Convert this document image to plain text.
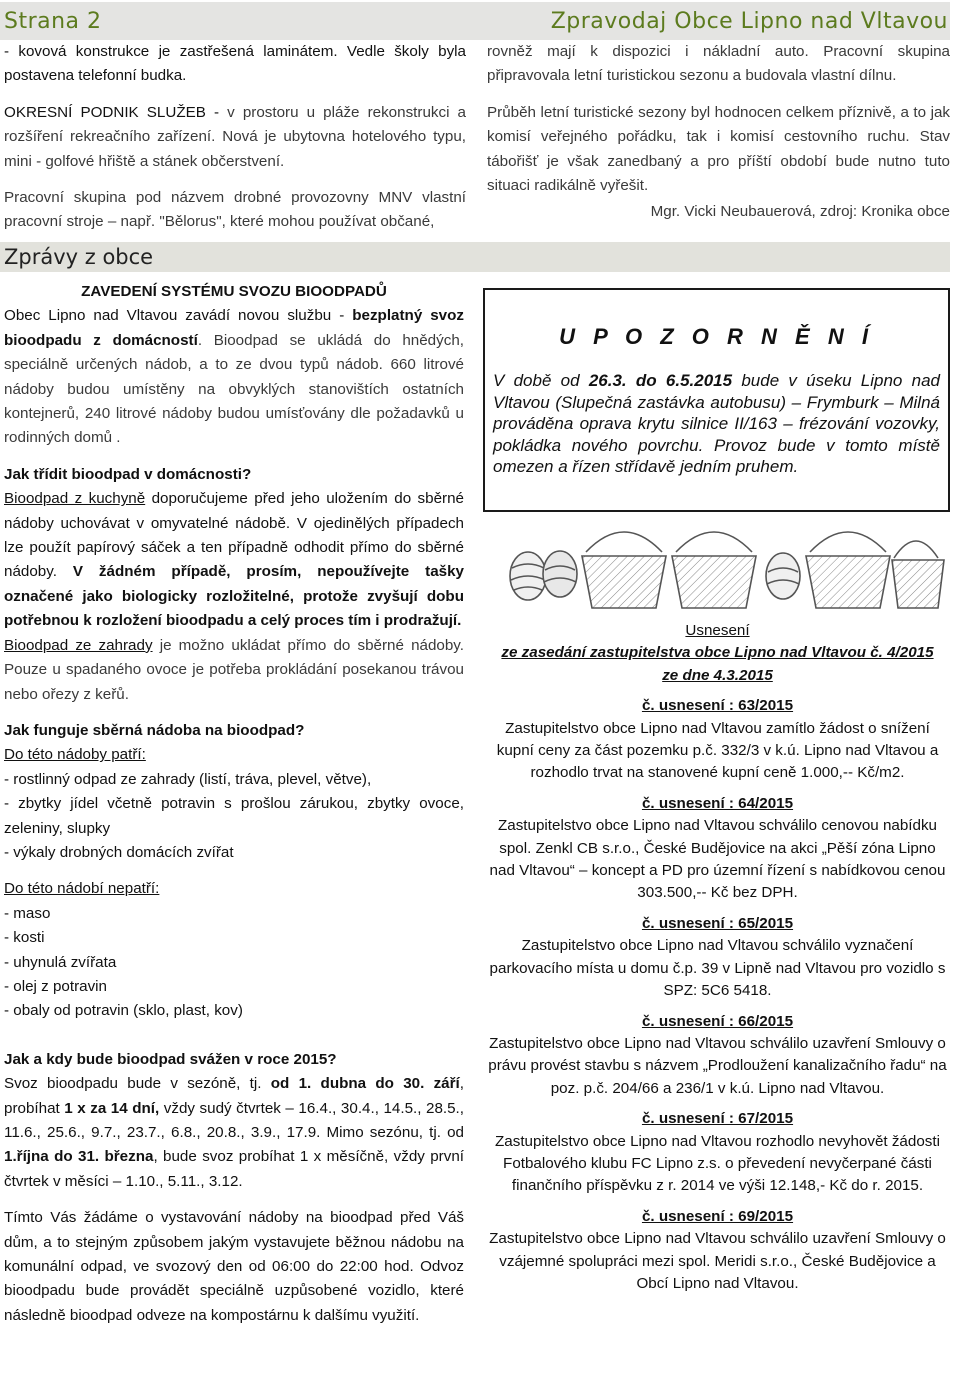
Strana 2	Zpravodaj Obce Lipno nad Vltavou

- kovová konstrukce je zastřešená laminátem. Vedle školy byla postavena telefonní budka.

OKRESNÍ PODNIK SLUŽEB - v prostoru u pláže rekonstrukci a rozšíření rekreačního zařízení. Nová je ubytovna hotelového typu, mini - golfové hřiště a stánek občerstvení.

Pracovní skupina pod názvem drobné provozovny MNV vlastní pracovní stroje – např. "Bělorus", které mohou používat občané,

rovněž mají k dispozici i nákladní auto. Pracovní skupina připravovala letní turistickou sezonu a budovala vlastní dílnu.

Průběh letní turistické sezony byl hodnocen celkem příznivě, a to jak komisí veřejného pořádku, tak i komisí cestovního ruchu. Stav tábořišť je však zanedbaný a pro příští období bude nutno tuto situaci radikálně vyřešit.

Mgr. Vicki Neubauerová, zdroj: Kronika obce

Zprávy z obce

ZAVEDENÍ SYSTÉMU SVOZU BIOODPADŮ

Obec Lipno nad Vltavou zavádí novou službu - bezplatný svoz bioodpadu z domácností. Bioodpad se ukládá do hnědých, speciálně určených nádob, a to ze dvou typů nádob. 660 litrové nádoby budou umístěny na obvyklých stanovištích ostatních kontejnerů, 240 litrové nádoby budou umísťovány dle požadavků u rodinných domů .

Jak třídit bioodpad v domácnosti?

Bioodpad z kuchyně doporučujeme před jeho uložením do sběrné nádoby uchovávat v omyvatelné nádobě. V ojedinělých případech lze použít papírový sáček a ten případně odhodit přímo do sběrné nádoby. V žádném případě, prosím, nepoužívejte tašky označené jako biologicky rozložitelné, protože zvyšují dobu potřebnou k rozložení bioodpadu a celý proces tím i prodražují.

Bioodpad ze zahrady je možno ukládat přímo do sběrné nádoby. Pouze u spadaného ovoce je potřeba prokládání posekanou trávou nebo ořezy z keřů.

Jak funguje sběrná nádoba na bioodpad?

Do této nádoby patří:

- rostlinný odpad ze zahrady (listí, tráva, plevel, větve),

- zbytky jídel včetně potravin s prošlou zárukou, zbytky ovoce, zeleniny, slupky

- výkaly drobných domácích zvířat

Do této nádobí nepatří:

- maso

- kosti

- uhynulá zvířata

- olej z potravin

- obaly od potravin (sklo, plast, kov)

Jak a kdy bude bioodpad svážen v roce 2015?

Svoz bioodpadu bude v sezóně, tj. od 1. dubna do 30. září, probíhat 1 x za 14 dní, vždy sudý čtvrtek – 16.4., 30.4., 14.5., 28.5., 11.6., 25.6., 9.7., 23.7., 6.8., 20.8., 3.9., 17.9. Mimo sezónu, tj. od 1.října do 31. března, bude svoz probíhat 1 x měsíčně, vždy první čtvrtek v měsíci – 1.10., 5.11., 3.12.

Tímto Vás žádáme o vystavování nádoby na bioodpad před Váš dům, a to stejným způsobem jakým vystavujete běžnou nádobu na komunální odpad, ve svozový den od 06:00 do 22:00 hod. Odvoz bioodpadu bude provádět speciálně uzpůsobené vozidlo, které následně bioodpad odveze na kompostárnu k dalšímu využití.

U P O Z O R N Ě N Í
V době od 26.3. do 6.5.2015 bude v úseku Lipno nad Vltavou (Slupečná zastávka autobusu) – Frymburk – Milná prováděna oprava krytu silnice II/163 – frézování vozovky, pokládka nového povrchu. Provoz bude v tomto místě omezen a řízen střídavě jedním pruhem.

Usnesení

ze zasedání zastupitelstva obce Lipno nad Vltavou č. 4/2015

ze dne 4.3.2015

č. usnesení : 63/2015

Zastupitelstvo obce Lipno nad Vltavou zamítlo žádost o snížení kupní ceny za část pozemku p.č. 332/3 v k.ú. Lipno nad Vltavou a rozhodlo trvat na stanovené kupní ceně 1.000,-- Kč/m2.

č. usnesení : 64/2015

Zastupitelstvo obce Lipno nad Vltavou schválilo cenovou nabídku spol. Zenkl CB s.r.o., České Budějovice na akci „Pěší zóna Lipno nad Vltavou“ – koncept a PD pro územní řízení s nabídkovou cenou 303.500,-- Kč bez DPH.

č. usnesení : 65/2015

Zastupitelstvo obce Lipno nad Vltavou schválilo vyznačení parkovacího místa u domu č.p. 39 v Lipně nad Vltavou pro vozidlo s SPZ: 5C6 5418.

č. usnesení : 66/2015

Zastupitelstvo obce Lipno nad Vltavou schválilo uzavření Smlouvy o právu provést stavbu s názvem „Prodloužení kanalizačního řadu“ na poz. p.č. 204/66 a 236/1 v k.ú. Lipno nad Vltavou.

č. usnesení : 67/2015

Zastupitelstvo obce Lipno nad Vltavou rozhodlo nevyhovět žádosti Fotbalového klubu FC Lipno z.s. o převedení nevyčerpané části finančního příspěvku z r. 2014 ve výši 12.148,- Kč do r. 2015.

č. usnesení : 69/2015

Zastupitelstvo obce Lipno nad Vltavou schválilo uzavření Smlouvy o vzájemné spolupráci mezi spol. Meridi s.r.o., České Budějovice a Obcí Lipno nad Vltavou.
